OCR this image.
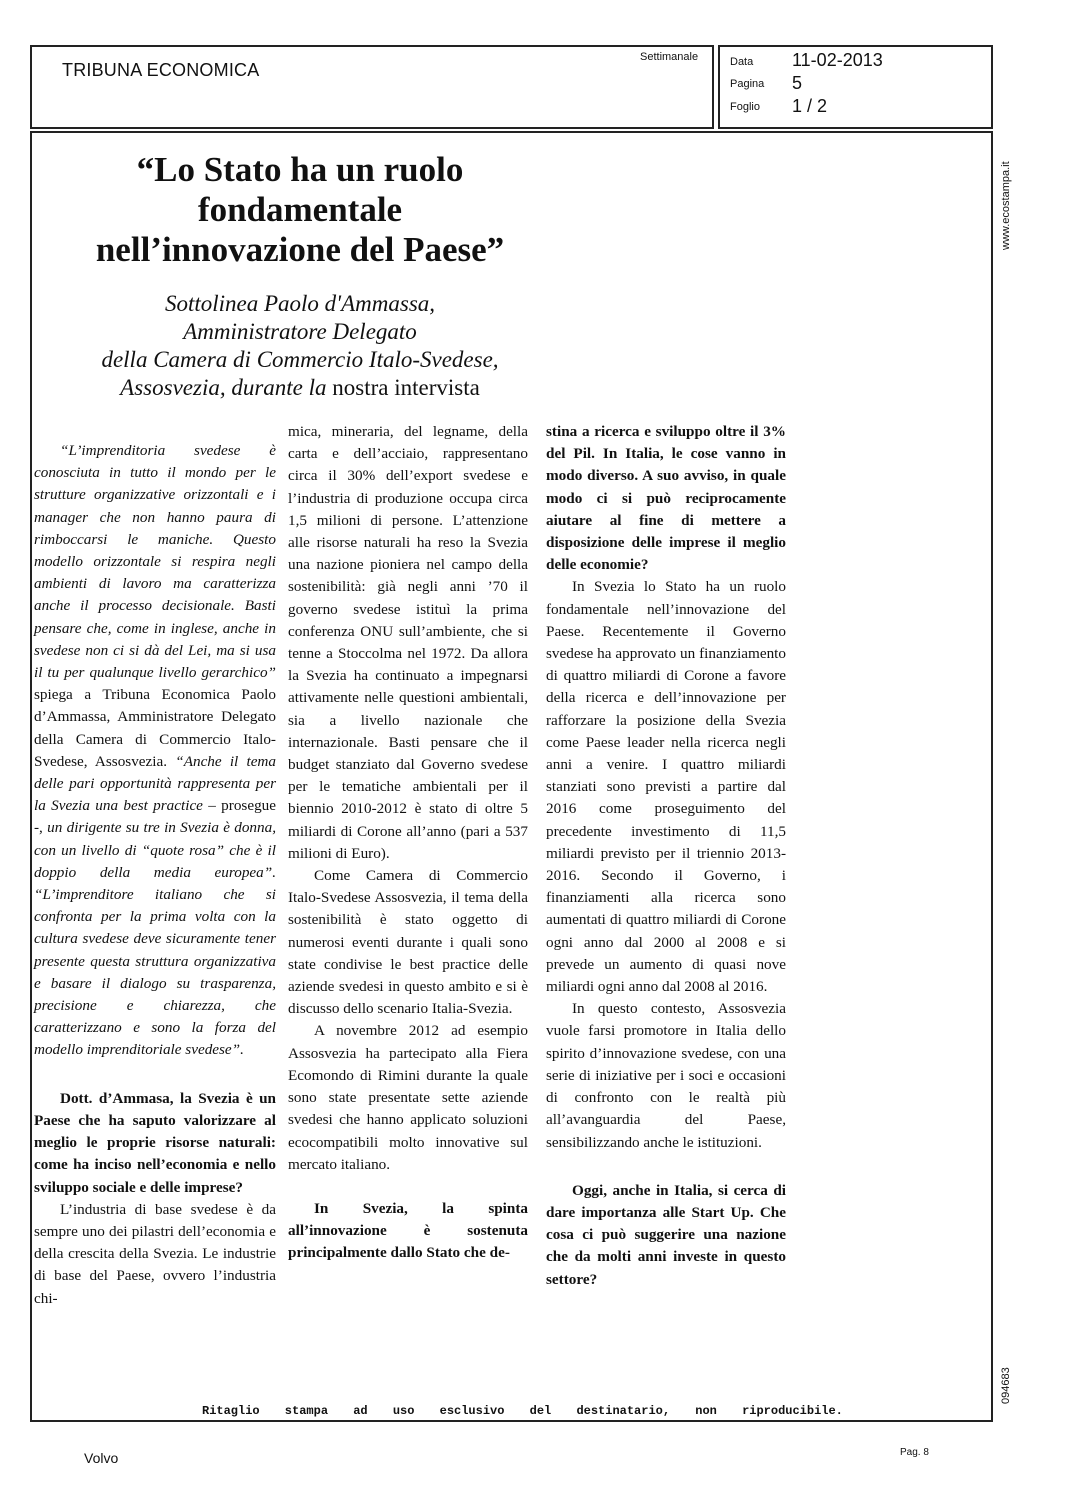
TRIBUNA ECONOMICA
Settimanale	Data 11-02-2013
Pagina 5
Foglio 1 / 2
www.ecostampa.it
094683
“Lo Stato ha un ruolo
fondamentale
nell’innovazione del Paese”
Sottolinea Paolo d'Ammassa,
Amministratore Delegato
della Camera di Commercio Italo-Svedese,
Assosvezia, durante la nostra intervista

“L’imprenditoria svedese è conosciuta in tutto il mondo per le strutture organizzative orizzontali e i manager che non hanno paura di rimboccarsi le maniche. Questo modello orizzontale si respira negli ambienti di lavoro ma caratterizza anche il processo decisionale. Basti pensare che, come in inglese, anche in svedese non ci si dà del Lei, ma si usa il tu per qualunque livello gerarchico” spiega a Tribuna Economica Paolo d’Ammassa, Amministratore Delegato della Camera di Commercio Italo-Svedese, Assosvezia. “Anche il tema delle pari opportunità rappresenta per la Svezia una best practice – prosegue -, un dirigente su tre in Svezia è donna, con un livello di “quote rosa” che è il doppio della media europea”. “L’imprenditore italiano che si confronta per la prima volta con la cultura svedese deve sicuramente tener presente questa struttura organizzativa e basare il dialogo su trasparenza, precisione e chiarezza, che caratterizzano e sono la forza del modello imprenditoriale svedese”.

Dott. d’Ammasa, la Svezia è un Paese che ha saputo valorizzare al meglio le proprie risorse naturali: come ha inciso nell’economia e nello sviluppo sociale e delle imprese?

L’industria di base svedese è da sempre uno dei pilastri dell’economia e della crescita della Svezia. Le industrie di base del Paese, ovvero l’industria chi-

mica, mineraria, del legname, della carta e dell’acciaio, rappresentano circa il 30% dell’export svedese e l’industria di produzione occupa circa 1,5 milioni di persone. L’attenzione alle risorse naturali ha reso la Svezia una nazione pioniera nel campo della sostenibilità: già negli anni ’70 il governo svedese istituì la prima conferenza ONU sull’ambiente, che si tenne a Stoccolma nel 1972. Da allora la Svezia ha continuato a impegnarsi attivamente nelle questioni ambientali, sia a livello nazionale che internazionale. Basti pensare che il budget stanziato dal Governo svedese per le tematiche ambientali per il biennio 2010-2012 è stato di oltre 5 miliardi di Corone all’anno (pari a 537 milioni di Euro).

Come Camera di Commercio Italo-Svedese Assosvezia, il tema della sostenibilità è stato oggetto di numerosi eventi durante i quali sono state condivise le best practice delle aziende svedesi in questo ambito e si è discusso dello scenario Italia-Svezia.

A novembre 2012 ad esempio Assosvezia ha partecipato alla Fiera Ecomondo di Rimini durante la quale sono state presentate sette aziende svedesi che hanno applicato soluzioni ecocompatibili molto innovative sul mercato italiano.

In Svezia, la spinta all’innovazione è sostenuta principalmente dallo Stato che de-

stina a ricerca e sviluppo oltre il 3% del Pil. In Italia, le cose vanno in modo diverso. A suo avviso, in quale modo ci si può reciprocamente aiutare al fine di mettere a disposizione delle imprese il meglio delle economie?

In Svezia lo Stato ha un ruolo fondamentale nell’innovazione del Paese. Recentemente il Governo svedese ha approvato un finanziamento di quattro miliardi di Corone a favore della ricerca e dell’innovazione per rafforzare la posizione della Svezia come Paese leader nella ricerca negli anni a venire. I quattro miliardi stanziati sono previsti a partire dal 2016 come proseguimento del precedente investimento di 11,5 miliardi previsto per il triennio 2013-2016. Secondo il Governo, i finanziamenti alla ricerca sono aumentati di quattro miliardi di Corone ogni anno dal 2000 al 2008 e si prevede un aumento di quasi nove miliardi ogni anno dal 2008 al 2016.

In questo contesto, Assosvezia vuole farsi promotore in Italia dello spirito d’innovazione svedese, con una serie di iniziative per i soci e occasioni di confronto con le realtà più all’avanguardia del Paese, sensibilizzando anche le istituzioni.

Oggi, anche in Italia, si cerca di dare importanza alle Start Up. Che cosa ci può suggerire una nazione che da molti anni investe in questo settore?

Ritaglio stampa ad uso esclusivo del destinatario, non riproducibile.
Volvo	Pag. 8
